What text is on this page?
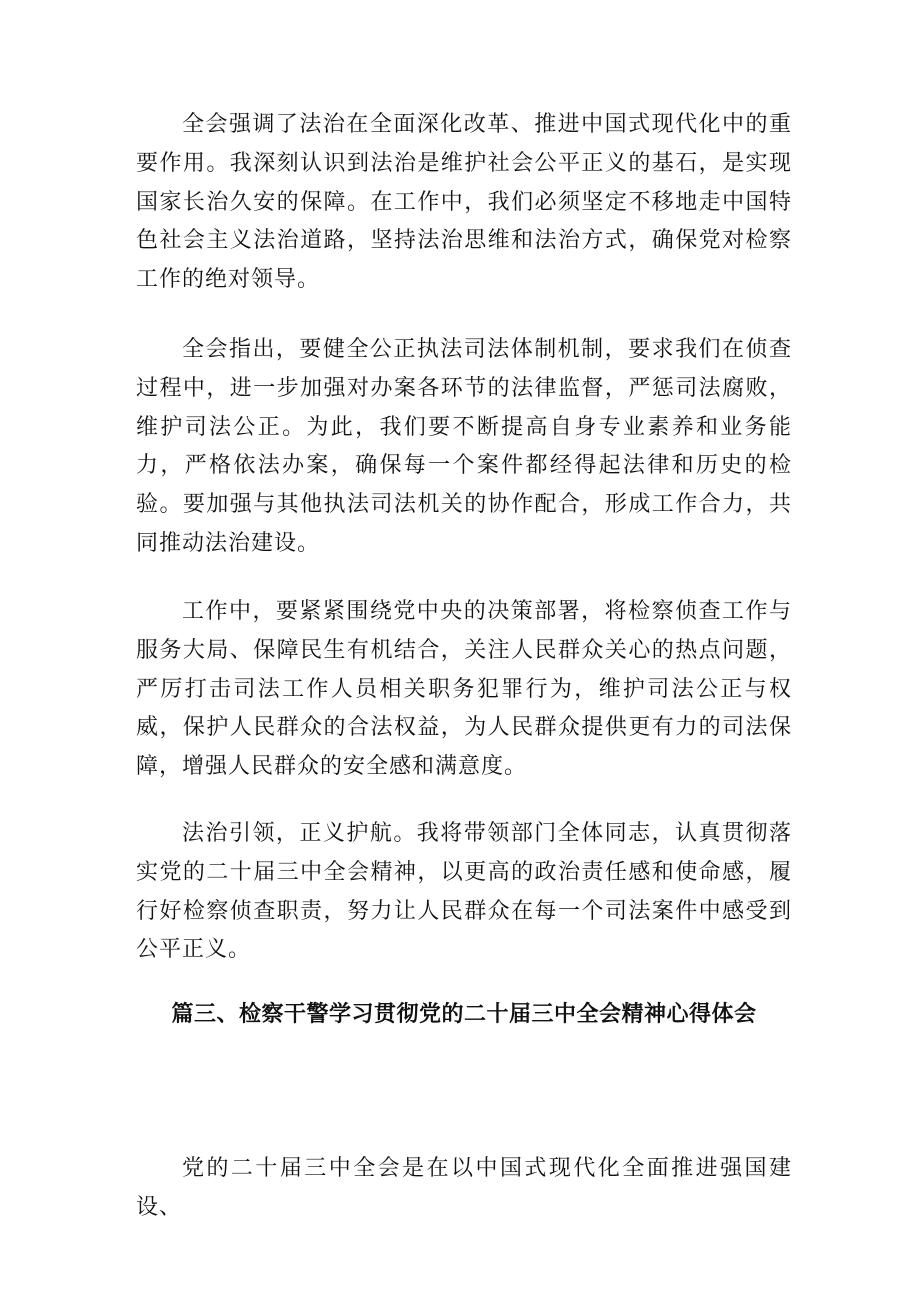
全会强调了法治在全面深化改革、推进中国式现代化中的重要作用。我深刻认识到法治是维护社会公平正义的基石，是实现国家长治久安的保障。在工作中，我们必须坚定不移地走中国特色社会主义法治道路，坚持法治思维和法治方式，确保党对检察工作的绝对领导。

全会指出，要健全公正执法司法体制机制，要求我们在侦查过程中，进一步加强对办案各环节的法律监督，严惩司法腐败，维护司法公正。为此，我们要不断提高自身专业素养和业务能力，严格依法办案，确保每一个案件都经得起法律和历史的检验。要加强与其他执法司法机关的协作配合，形成工作合力，共同推动法治建设。

工作中，要紧紧围绕党中央的决策部署，将检察侦查工作与服务大局、保障民生有机结合，关注人民群众关心的热点问题，严厉打击司法工作人员相关职务犯罪行为，维护司法公正与权威，保护人民群众的合法权益，为人民群众提供更有力的司法保障，增强人民群众的安全感和满意度。

法治引领，正义护航。我将带领部门全体同志，认真贯彻落实党的二十届三中全会精神，以更高的政治责任感和使命感，履行好检察侦查职责，努力让人民群众在每一个司法案件中感受到公平正义。

篇三、检察干警学习贯彻党的二十届三中全会精神心得体会

党的二十届三中全会是在以中国式现代化全面推进强国建设、
